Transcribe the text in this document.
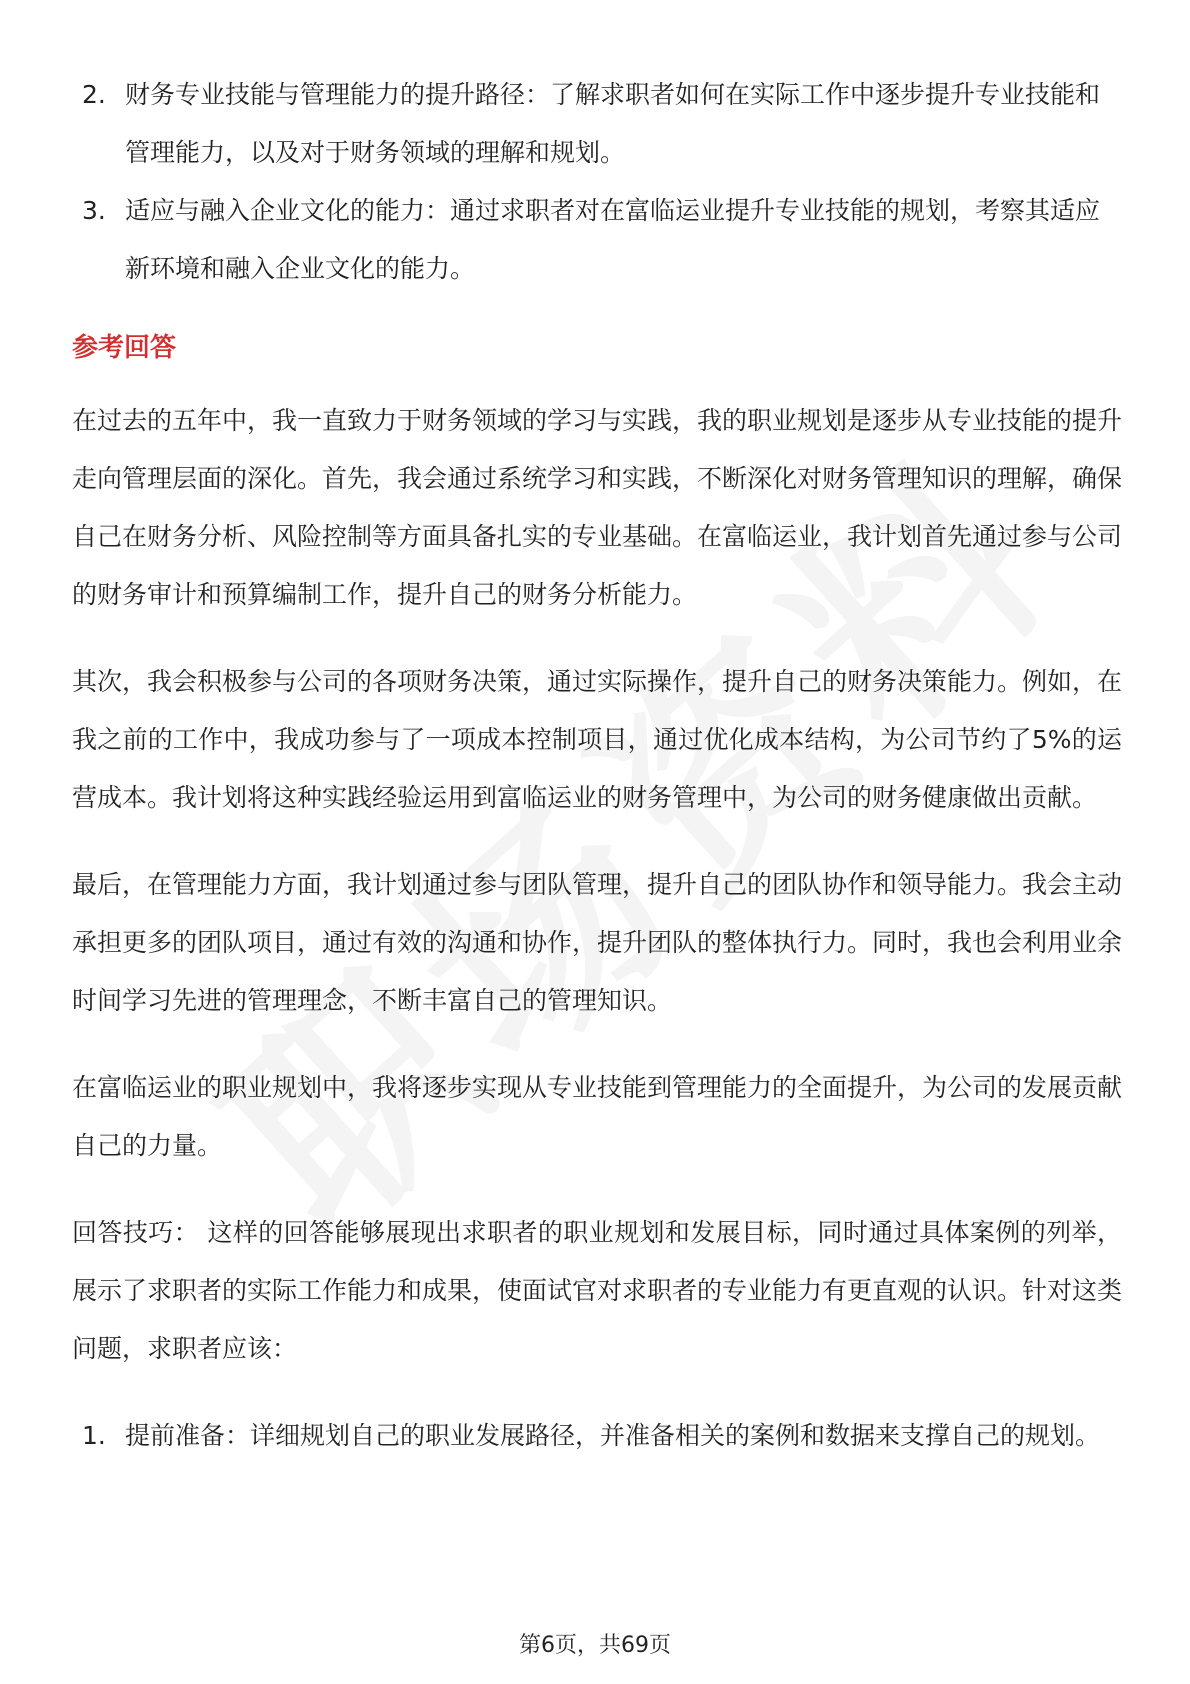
2. 财务专业技能与管理能力的提升路径：了解求职者如何在实际工作中逐步提升专业技能和管理能力，以及对于财务领域的理解和规划。
3. 适应与融入企业文化的能力：通过求职者对在富临运业提升专业技能的规划，考察其适应新环境和融入企业文化的能力。
参考回答

在过去的五年中，我一直致力于财务领域的学习与实践，我的职业规划是逐步从专业技能的提升走向管理层面的深化。首先，我会通过系统学习和实践，不断深化对财务管理知识的理解，确保自己在财务分析、风险控制等方面具备扎实的专业基础。在富临运业，我计划首先通过参与公司的财务审计和预算编制工作，提升自己的财务分析能力。

其次，我会积极参与公司的各项财务决策，通过实际操作，提升自己的财务决策能力。例如，在我之前的工作中，我成功参与了一项成本控制项目，通过优化成本结构，为公司节约了5%的运营成本。我计划将这种实践经验运用到富临运业的财务管理中，为公司的财务健康做出贡献。

最后，在管理能力方面，我计划通过参与团队管理，提升自己的团队协作和领导能力。我会主动承担更多的团队项目，通过有效的沟通和协作，提升团队的整体执行力。同时，我也会利用业余时间学习先进的管理理念，不断丰富自己的管理知识。

在富临运业的职业规划中，我将逐步实现从专业技能到管理能力的全面提升，为公司的发展贡献自己的力量。

回答技巧： 这样的回答能够展现出求职者的职业规划和发展目标，同时通过具体案例的列举，展示了求职者的实际工作能力和成果，使面试官对求职者的专业能力有更直观的认识。针对这类问题，求职者应该：

1. 提前准备：详细规划自己的职业发展路径，并准备相关的案例和数据来支撑自己的规划。
第6页，共69页
